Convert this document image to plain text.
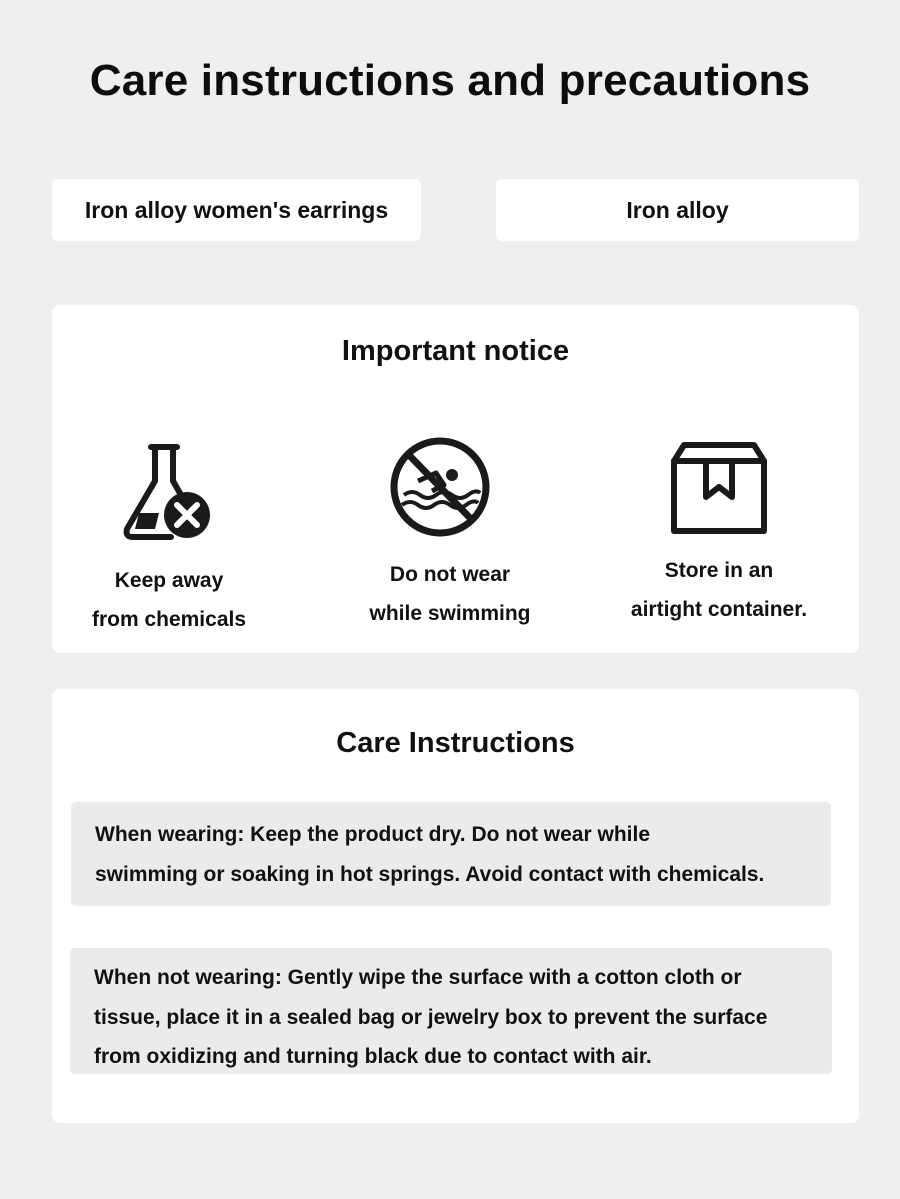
Care instructions and precautions
Iron alloy women's earrings	Iron alloy
Important notice
Keep away
from chemicals
Do not wear
while swimming
Store in an
airtight container.
Care Instructions
When wearing: Keep the product dry. Do not wear while
swimming or soaking in hot springs. Avoid contact with chemicals.
When not wearing: Gently wipe the surface with a cotton cloth or
tissue, place it in a sealed bag or jewelry box to prevent the surface
from oxidizing and turning black due to contact with air.
